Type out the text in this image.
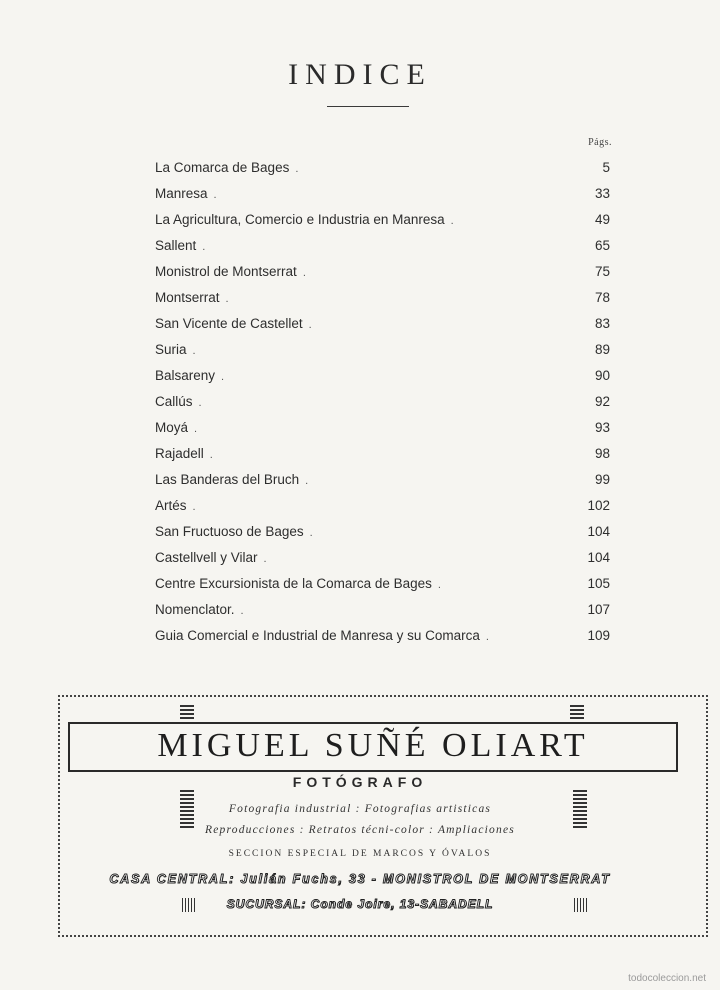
INDICE
Págs.
La Comarca de Bages .	5
Manresa .	33
La Agricultura, Comercio e Industria en Manresa .	49
Sallent .	65
Monistrol de Montserrat .	75
Montserrat .	78
San Vicente de Castellet .	83
Suria .	89
Balsareny .	90
Callús .	92
Moyá .	93
Rajadell .	98
Las Banderas del Bruch .	99
Artés .	102
San Fructuoso de Bages .	104
Castellvell y Vilar .	104
Centre Excursionista de la Comarca de Bages .	105
Nomenclator. .	107
Guia Comercial e Industrial de Manresa y su Comarca .	109
MIGUEL SUÑÉ OLIART
FOTÓGRAFO
Fotografia industrial : Fotografias artisticas
Reproducciones : Retratos técni-color : Ampliaciones
SECCION ESPECIAL DE MARCOS Y ÓVALOS
CASA CENTRAL: Julián Fuchs, 33 - MONISTROL DE MONTSERRAT
SUCURSAL: Conde Joire, 13-SABADELL
todocoleccion.net
